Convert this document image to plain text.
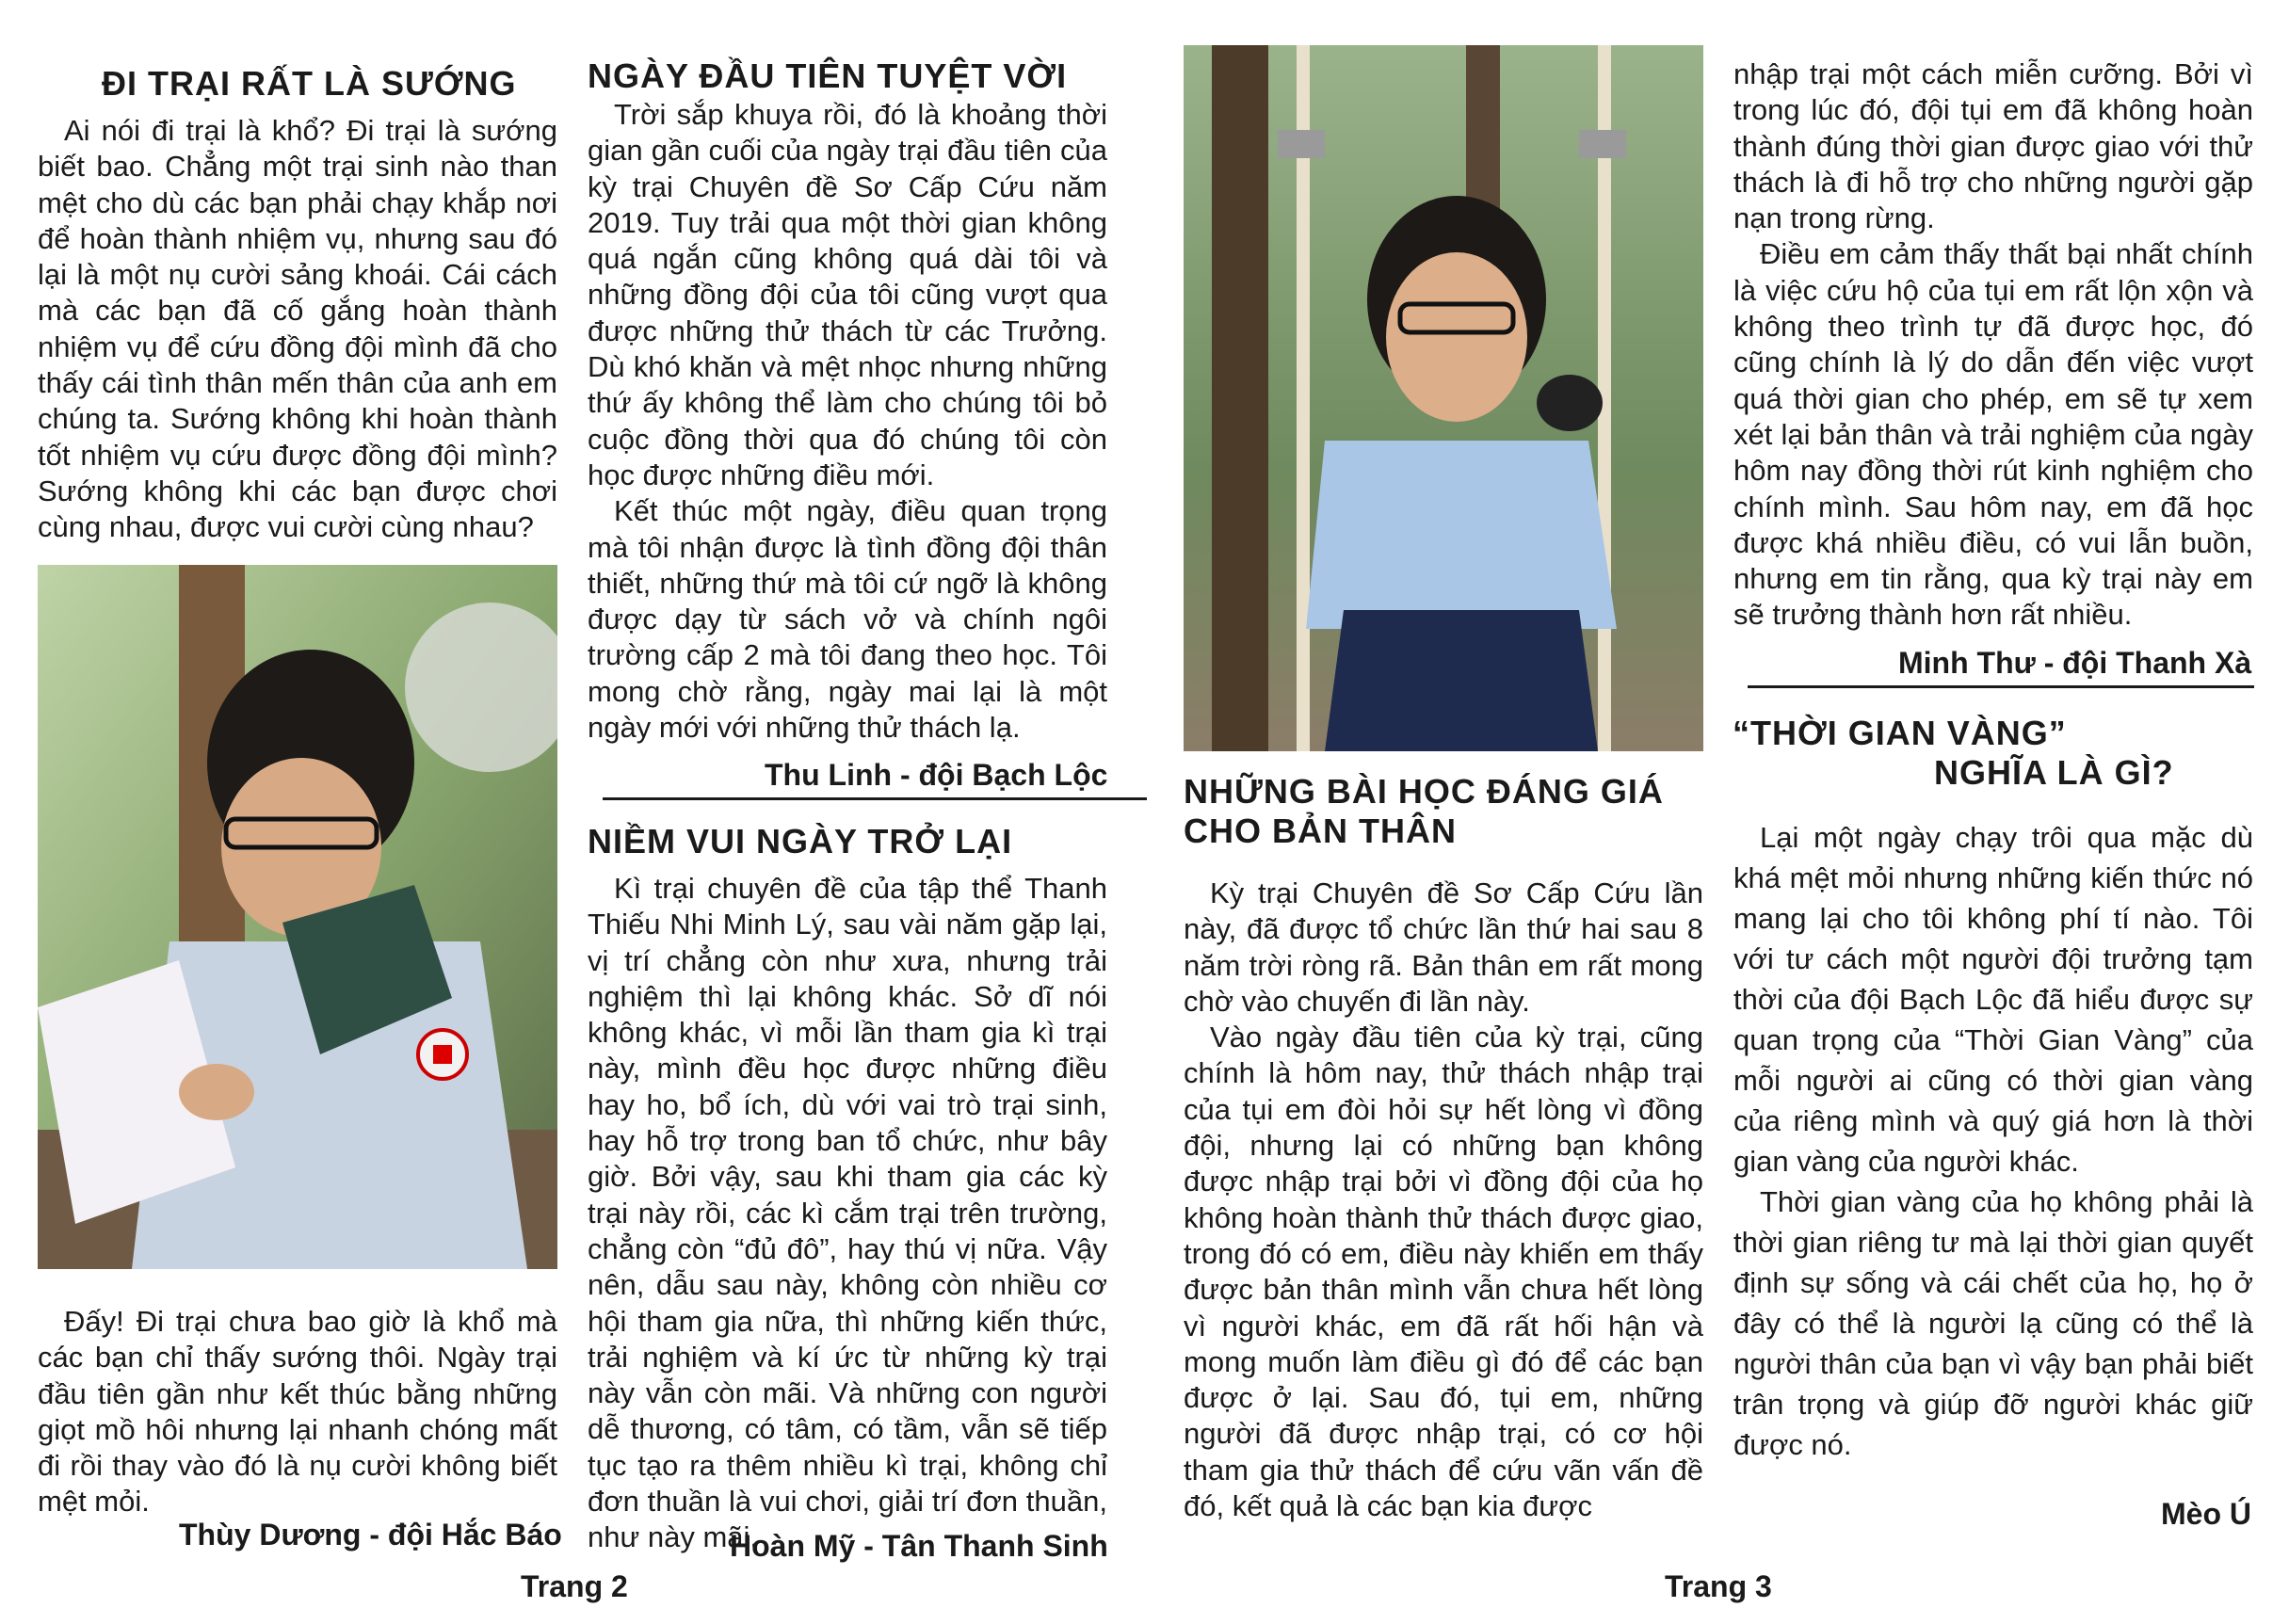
ĐI TRẠI RẤT LÀ SƯỚNG

Ai nói đi trại là khổ? Đi trại là sướng biết bao. Chẳng một trại sinh nào than mệt cho dù các bạn phải chạy khắp nơi để hoàn thành nhiệm vụ, nhưng sau đó lại là một nụ cười sảng khoái. Cái cách mà các bạn đã cố gắng hoàn thành nhiệm vụ để cứu đồng đội mình đã cho thấy cái tình thân mến thân của anh em chúng ta. Sướng không khi hoàn thành tốt nhiệm vụ cứu được đồng đội mình? Sướng không khi các bạn được chơi cùng nhau, được vui cười cùng nhau?

Đấy! Đi trại chưa bao giờ là khổ mà các bạn chỉ thấy sướng thôi. Ngày trại đầu tiên gần như kết thúc bằng những giọt mồ hôi nhưng lại nhanh chóng mất đi rồi thay vào đó là nụ cười không biết mệt mỏi.

Thùy Dương - đội Hắc Báo
NGÀY ĐẦU TIÊN TUYỆT VỜI

Trời sắp khuya rồi, đó là khoảng thời gian gần cuối của ngày trại đầu tiên của kỳ trại Chuyên đề Sơ Cấp Cứu năm 2019. Tuy trải qua một thời gian không quá ngắn cũng không quá dài tôi và những đồng đội của tôi cũng vượt qua được những thử thách từ các Trưởng. Dù khó khăn và mệt nhọc nhưng những thứ ấy không thể làm cho chúng tôi bỏ cuộc đồng thời qua đó chúng tôi còn học được những điều mới.

Kết thúc một ngày, điều quan trọng mà tôi nhận được là tình đồng đội thân thiết, những thứ mà tôi cứ ngỡ là không được dạy từ sách vở và chính ngôi trường cấp 2 mà tôi đang theo học. Tôi mong chờ rằng, ngày mai lại là một ngày mới với những thử thách lạ.

Thu Linh - đội Bạch Lộc
NIỀM VUI NGÀY TRỞ LẠI

Kì trại chuyên đề của tập thể Thanh Thiếu Nhi Minh Lý, sau vài năm gặp lại, vị trí chẳng còn như xưa, nhưng trải nghiệm thì lại không khác. Sở dĩ nói không khác, vì mỗi lần tham gia kì trại này, mình đều học được những điều hay ho, bổ ích, dù với vai trò trại sinh, hay hỗ trợ trong ban tổ chức, như bây giờ. Bởi vậy, sau khi tham gia các kỳ trại này rồi, các kì cắm trại trên trường, chẳng còn “đủ đô”, hay thú vị nữa. Vậy nên, dẫu sau này, không còn nhiều cơ hội tham gia nữa, thì những kiến thức, trải nghiệm và kí ức từ những kỳ trại này vẫn còn mãi. Và những con người dễ thương, có tâm, có tầm, vẫn sẽ tiếp tục tạo ra thêm nhiều kì trại, không chỉ đơn thuần là vui chơi, giải trí đơn thuần, như này mãi.

Hoàn Mỹ - Tân Thanh Sinh
Trang 2
NHỮNG BÀI HỌC ĐÁNG GIÁ
CHO BẢN THÂN

Kỳ trại Chuyên đề Sơ Cấp Cứu lần này, đã được tổ chức lần thứ hai sau 8 năm trời ròng rã. Bản thân em rất mong chờ vào chuyến đi lần này.

Vào ngày đầu tiên của kỳ trại, cũng chính là hôm nay, thử thách nhập trại của tụi em đòi hỏi sự hết lòng vì đồng đội, nhưng lại có những bạn không được nhập trại bởi vì đồng đội của họ không hoàn thành thử thách được giao, trong đó có em, điều này khiến em thấy được bản thân mình vẫn chưa hết lòng vì người khác, em đã rất hối hận và mong muốn làm điều gì đó để các bạn được ở lại. Sau đó, tụi em, những người đã được nhập trại, có cơ hội tham gia thử thách để cứu vãn vấn đề đó, kết quả là các bạn kia được

nhập trại một cách miễn cưỡng. Bởi vì trong lúc đó, đội tụi em đã không hoàn thành đúng thời gian được giao với thử thách là đi hỗ trợ cho những người gặp nạn trong rừng.

Điều em cảm thấy thất bại nhất chính là việc cứu hộ của tụi em rất lộn xộn và không theo trình tự đã được học, đó cũng chính là lý do dẫn đến việc vượt quá thời gian cho phép, em sẽ tự xem xét lại bản thân và trải nghiệm của ngày hôm nay đồng thời rút kinh nghiệm cho chính mình. Sau hôm nay, em đã học được khá nhiều điều, có vui lẫn buồn, nhưng em tin rằng, qua kỳ trại này em sẽ trưởng thành hơn rất nhiều.

Minh Thư - đội Thanh Xà
“THỜI GIAN VÀNG”
NGHĨA LÀ GÌ?

Lại một ngày chạy trôi qua mặc dù khá mệt mỏi nhưng những kiến thức nó mang lại cho tôi không phí tí nào. Tôi với tư cách một người đội trưởng tạm thời của đội Bạch Lộc đã hiểu được sự quan trọng của “Thời Gian Vàng” của mỗi người ai cũng có thời gian vàng của riêng mình và quý giá hơn là thời gian vàng của người khác.

Thời gian vàng của họ không phải là thời gian riêng tư mà lại thời gian quyết định sự sống và cái chết của họ, họ ở đây có thể là người lạ cũng có thể là người thân của bạn vì vậy bạn phải biết trân trọng và giúp đỡ người khác giữ được nó.

Mèo Ú
Trang 3
